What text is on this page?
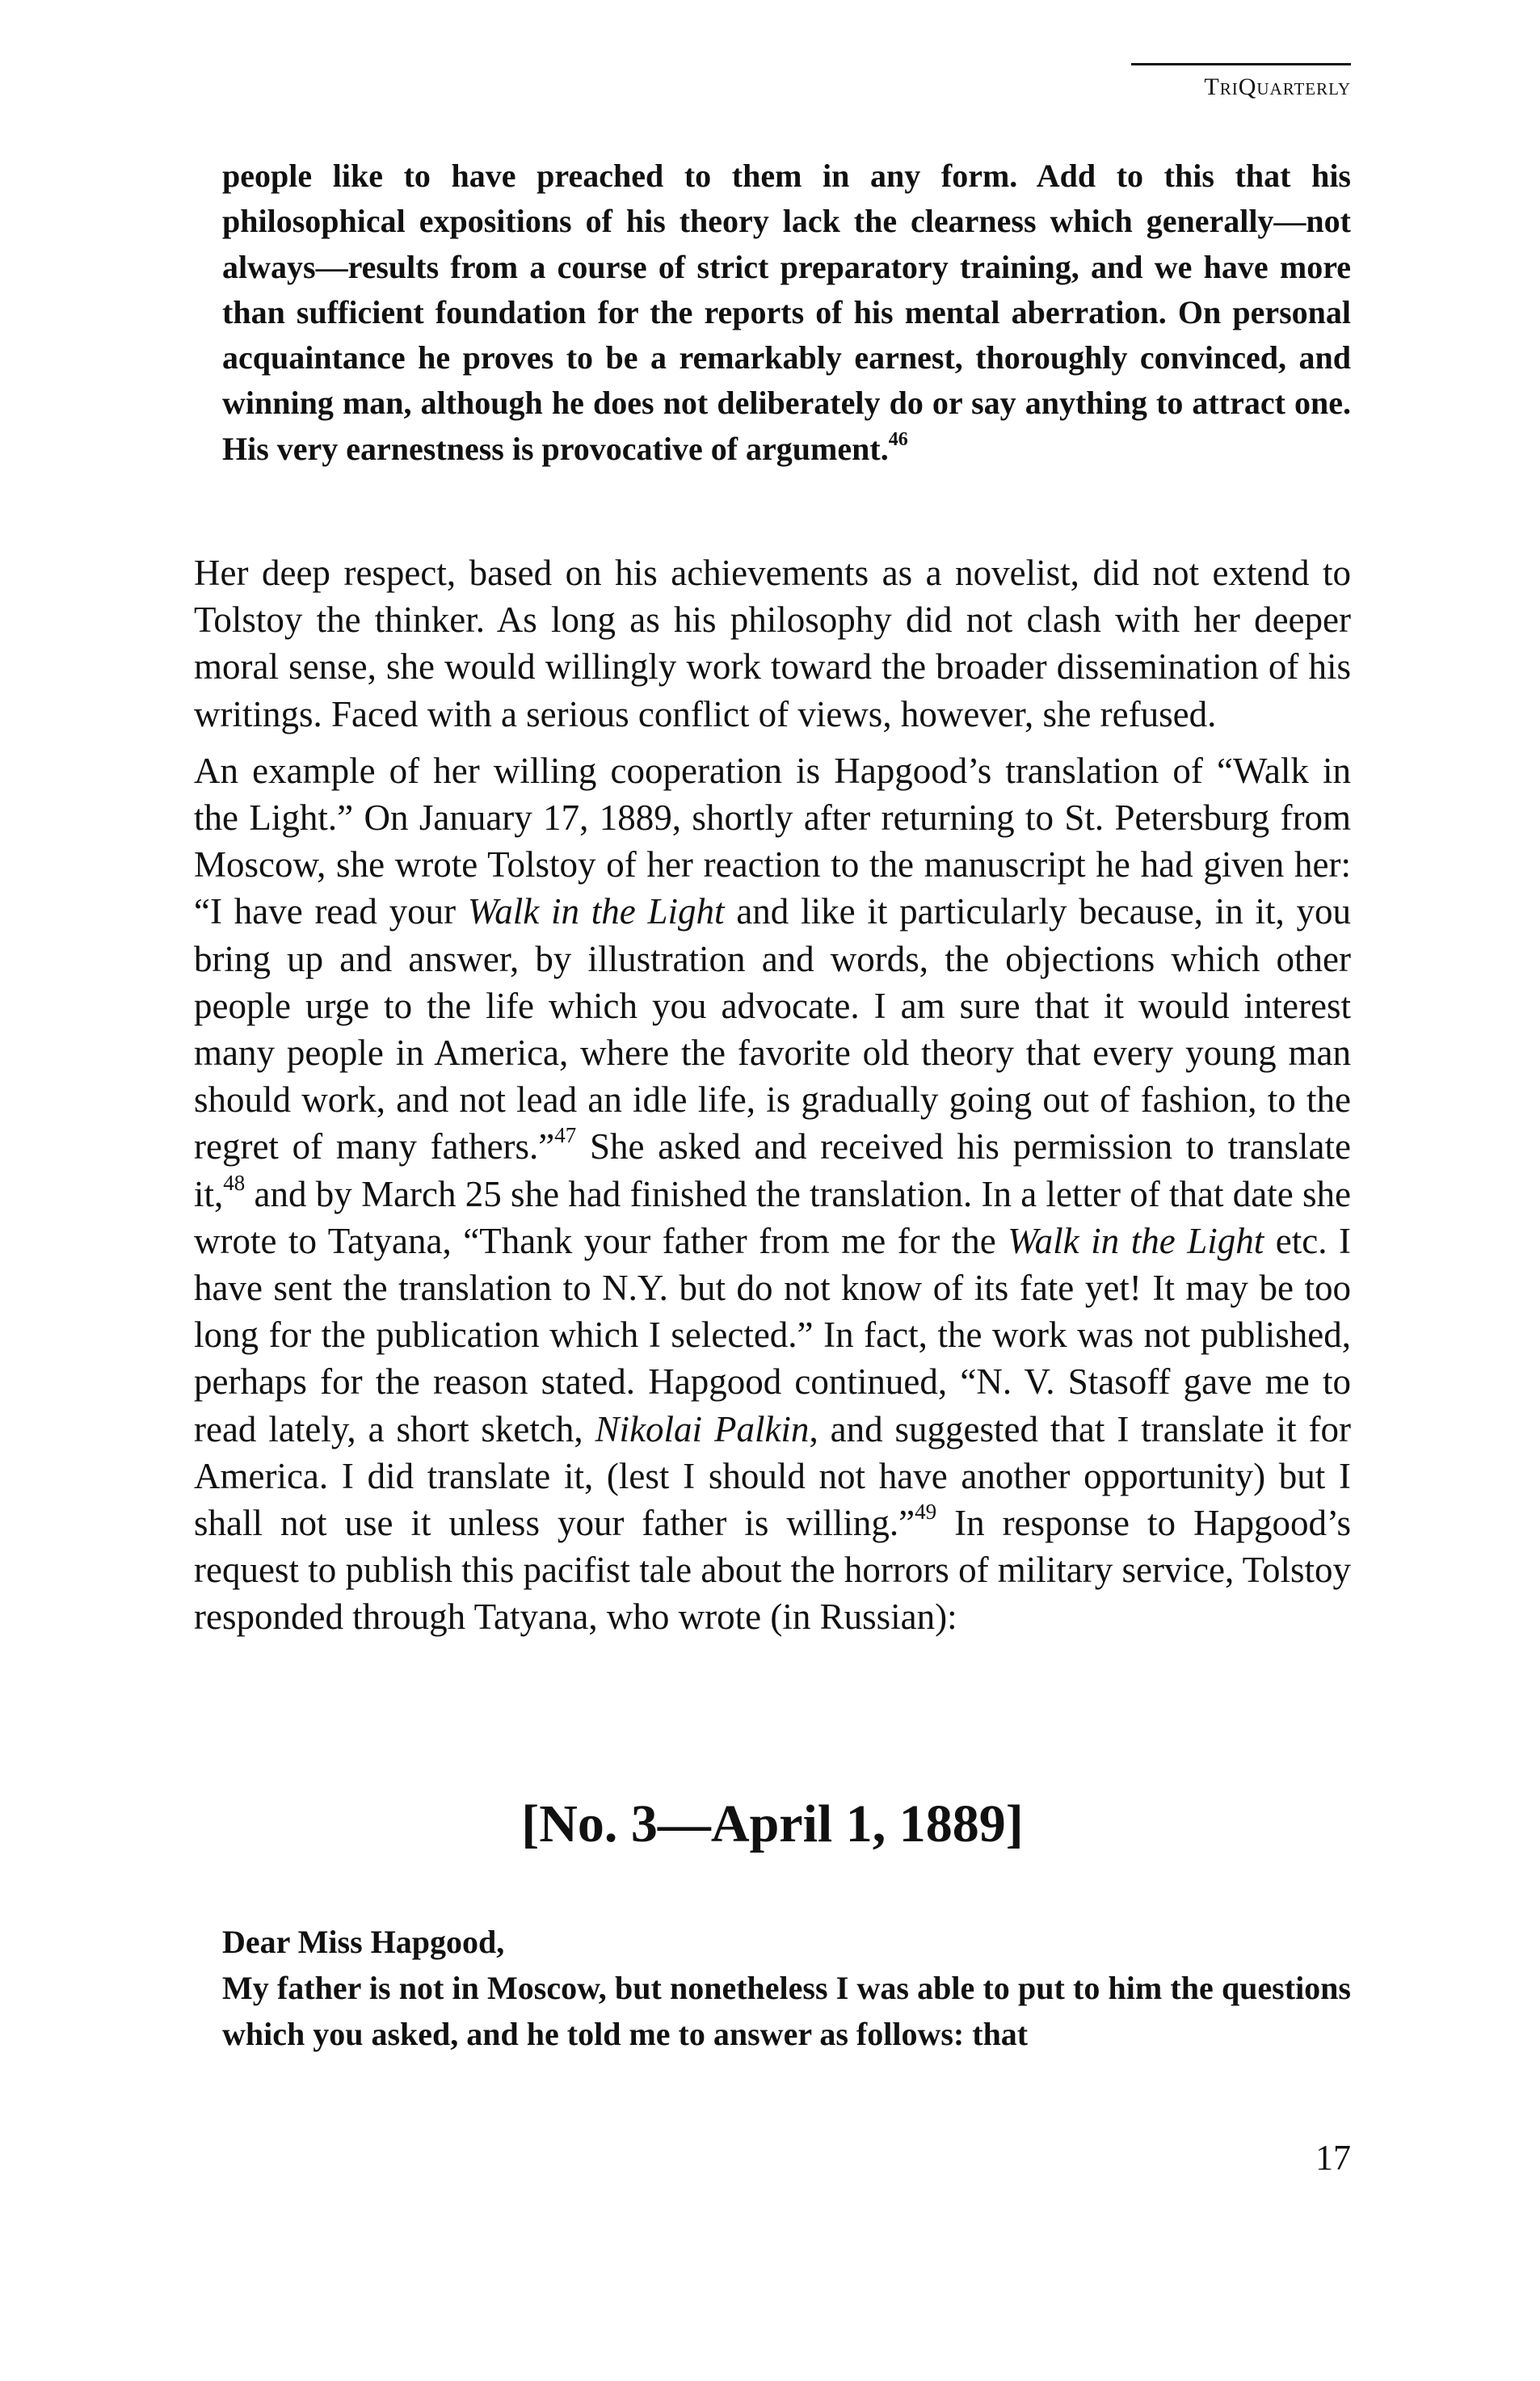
TriQuarterly

people like to have preached to them in any form. Add to this that his philosophical expositions of his theory lack the clearness which generally—not always—results from a course of strict preparatory training, and we have more than sufficient foundation for the reports of his mental aberration. On personal acquaintance he proves to be a remarkably earnest, thoroughly convinced, and winning man, although he does not deliberately do or say anything to attract one. His very earnestness is provocative of argument.$^{46}$

Her deep respect, based on his achievements as a novelist, did not extend to Tolstoy the thinker. As long as his philosophy did not clash with her deeper moral sense, she would willingly work toward the broader dissemination of his writings. Faced with a serious conflict of views, however, she refused.

An example of her willing cooperation is Hapgood’s translation of “Walk in the Light.” On January 17, 1889, shortly after returning to St. Petersburg from Moscow, she wrote Tolstoy of her reaction to the manuscript he had given her: “I have read your Walk in the Light and like it particularly because, in it, you bring up and answer, by illustration and words, the objections which other people urge to the life which you advocate. I am sure that it would interest many people in America, where the favorite old theory that every young man should work, and not lead an idle life, is gradually going out of fashion, to the regret of many fathers.”$^{47}$ She asked and received his permission to translate it,$^{48}$ and by March 25 she had finished the translation. In a letter of that date she wrote to Tatyana, “Thank your father from me for the Walk in the Light etc. I have sent the translation to N.Y. but do not know of its fate yet! It may be too long for the publication which I selected.” In fact, the work was not published, perhaps for the reason stated. Hapgood continued, “N. V. Stasoff gave me to read lately, a short sketch, Nikolai Palkin, and suggested that I translate it for America. I did translate it, (lest I should not have another opportunity) but I shall not use it unless your father is willing.”$^{49}$ In response to Hapgood’s request to publish this pacifist tale about the horrors of military service, Tolstoy responded through Tatyana, who wrote (in Russian):

[No. 3—April 1, 1889]

Dear Miss Hapgood,

My father is not in Moscow, but nonetheless I was able to put to him the questions which you asked, and he told me to answer as follows: that

17
